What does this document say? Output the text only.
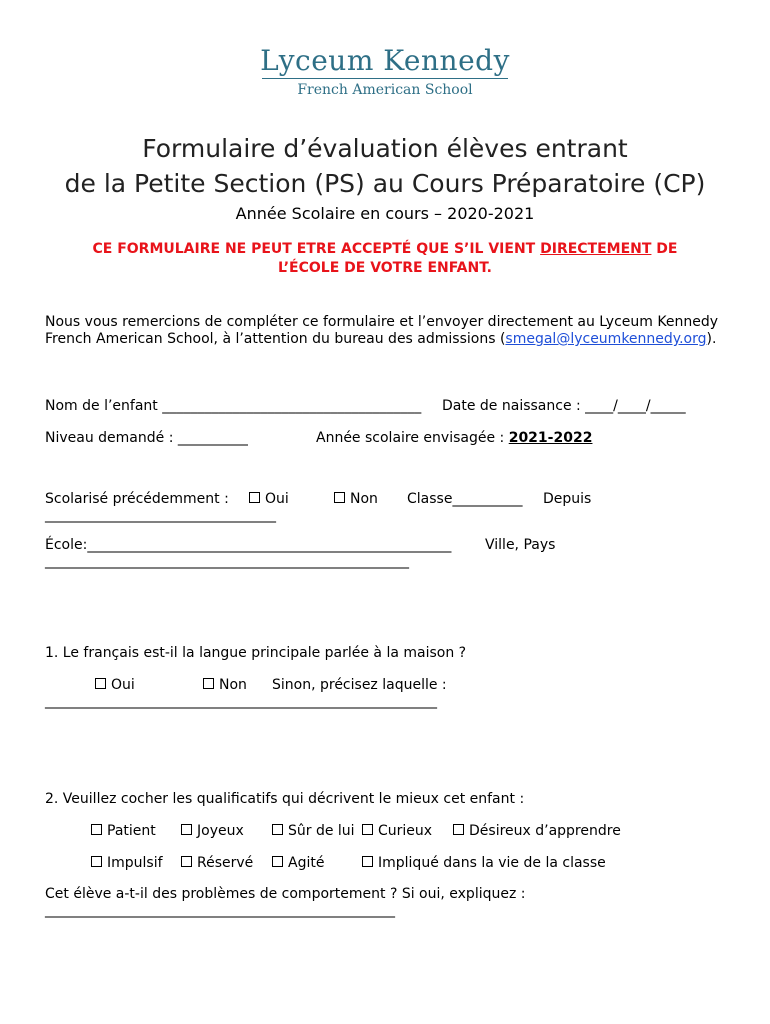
Lyceum Kennedy
French American School
Formulaire d’évaluation élèves entrant
de la Petite Section (PS) au Cours Préparatoire (CP)
Année Scolaire en cours – 2020-2021
CE FORMULAIRE NE PEUT ETRE ACCEPTÉ QUE S’IL VIENT DIRECTEMENT DE
L’ÉCOLE DE VOTRE ENFANT.
Nous vous remercions de compléter ce formulaire et l’envoyer directement au Lyceum Kennedy
French American School, à l’attention du bureau des admissions (smegal@lyceumkennedy.org).
Nom de l’enfant _____________________________________ Date de naissance : ____/____/_____
Niveau demandé : __________	Année scolaire envisagée : 2021-2022
Scolarisé précédemment :	Oui	Non Classe__________ Depuis
_________________________________
École:____________________________________________________ Ville, Pays
____________________________________________________
1. Le français est-il la langue principale parlée à la maison ?
Oui	Non Sinon, précisez laquelle :
________________________________________________________
2. Veuillez cocher les qualificatifs qui décrivent le mieux cet enfant :
Patient	Joyeux	Sûr de lui	Curieux	Désireux d’apprendre
Impulsif	Réservé	Agité	Impliqué dans la vie de la classe
Cet élève a-t-il des problèmes de comportement ? Si oui, expliquez :
__________________________________________________
